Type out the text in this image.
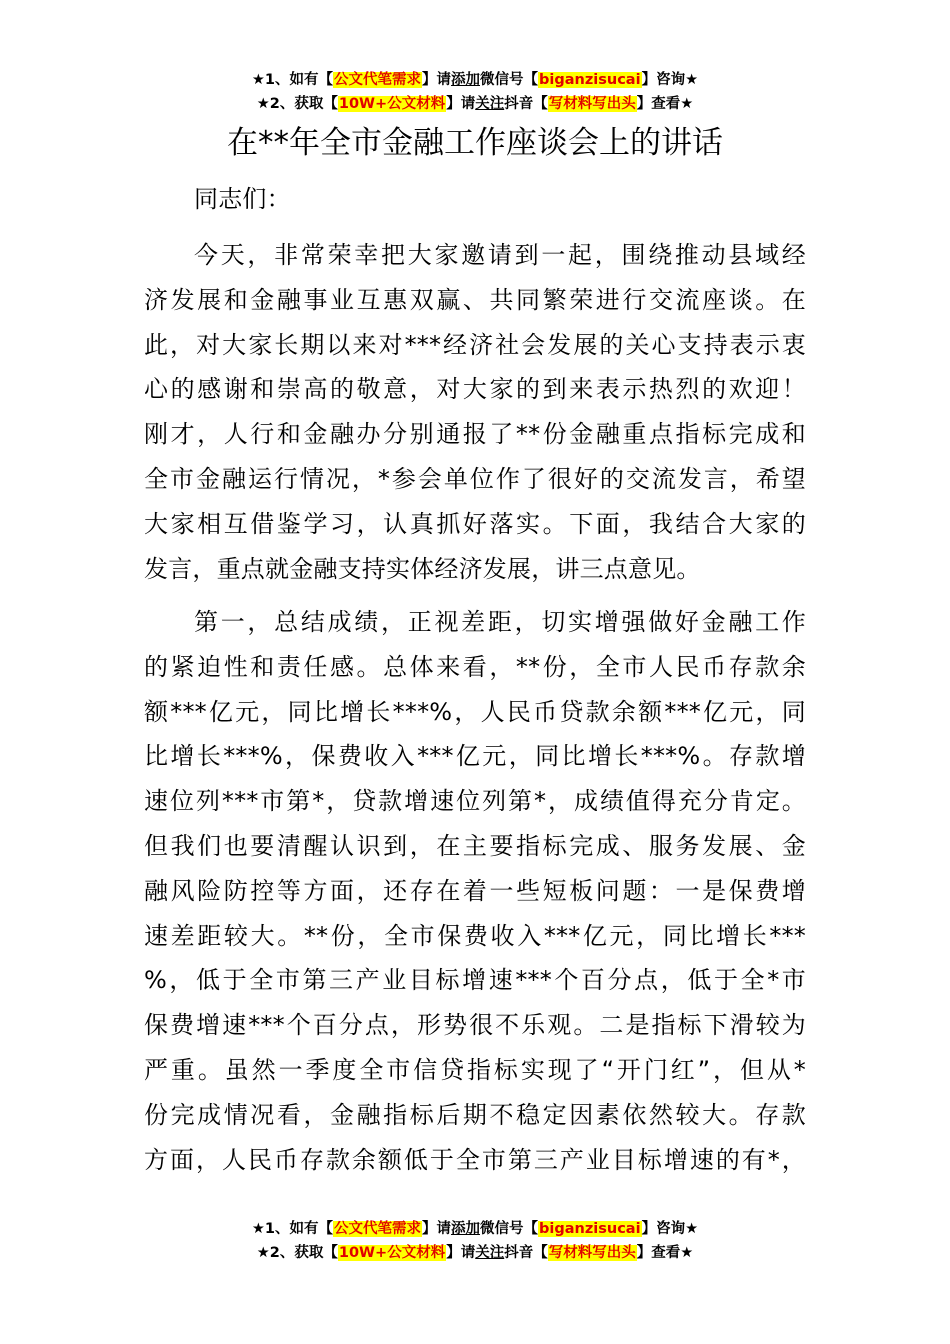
★1、如有【公文代笔需求】请添加微信号【biganzisucai】咨询★
★2、获取【10W+公文材料】请关注抖音【写材料写出头】查看★
在**年全市金融工作座谈会上的讲话
同志们：
今天，非常荣幸把大家邀请到一起，围绕推动县域经
济发展和金融事业互惠双赢、共同繁荣进行交流座谈。在
此，对大家长期以来对***经济社会发展的关心支持表示衷
心的感谢和崇高的敬意，对大家的到来表示热烈的欢迎！
刚才，人行和金融办分别通报了**份金融重点指标完成和
全市金融运行情况，*参会单位作了很好的交流发言，希望
大家相互借鉴学习，认真抓好落实。下面，我结合大家的
发言，重点就金融支持实体经济发展，讲三点意见。
第一，总结成绩，正视差距，切实增强做好金融工作
的紧迫性和责任感。总体来看，**份，全市人民币存款余
额***亿元，同比增长***%，人民币贷款余额***亿元，同
比增长***%，保费收入***亿元，同比增长***%。存款增
速位列***市第*，贷款增速位列第*，成绩值得充分肯定。
但我们也要清醒认识到，在主要指标完成、服务发展、金
融风险防控等方面，还存在着一些短板问题：一是保费增
速差距较大。**份，全市保费收入***亿元，同比增长***
%，低于全市第三产业目标增速***个百分点，低于全*市
保费增速***个百分点，形势很不乐观。二是指标下滑较为
严重。虽然一季度全市信贷指标实现了“开门红”，但从*
份完成情况看，金融指标后期不稳定因素依然较大。存款
方面，人民币存款余额低于全市第三产业目标增速的有*，
★1、如有【公文代笔需求】请添加微信号【biganzisucai】咨询★
★2、获取【10W+公文材料】请关注抖音【写材料写出头】查看★
